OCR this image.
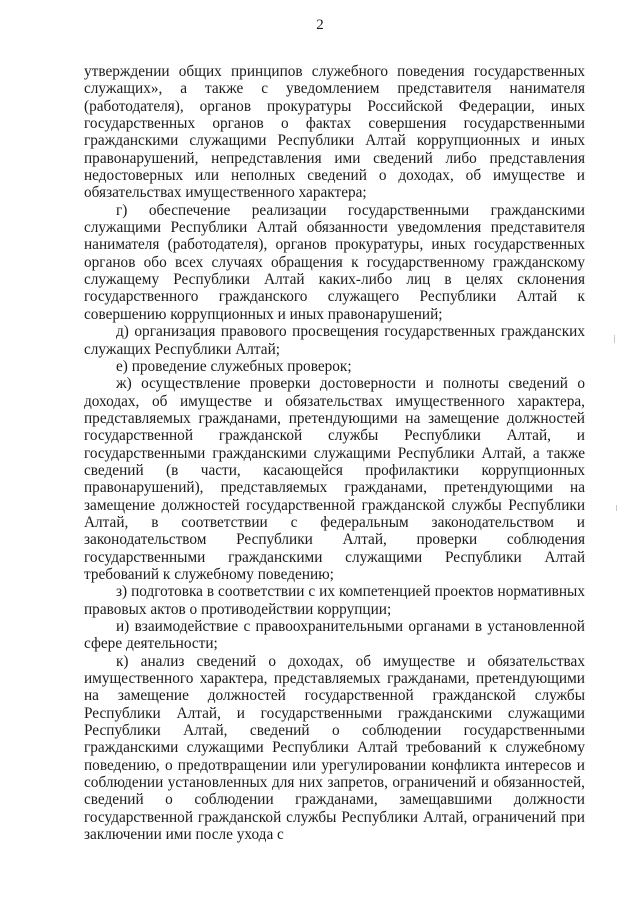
2

утверждении общих принципов служебного поведения государственных служащих», а также с уведомлением представителя нанимателя (работодателя), органов прокуратуры Российской Федерации, иных государственных органов о фактах совершения государственными гражданскими служащими Республики Алтай коррупционных и иных правонарушений, непредставления ими сведений либо представления недостоверных или неполных сведений о доходах, об имуществе и обязательствах имущественного характера;

г) обеспечение реализации государственными гражданскими служащими Республики Алтай обязанности уведомления представителя нанимателя (работодателя), органов прокуратуры, иных государственных органов обо всех случаях обращения к государственному гражданскому служащему Республики Алтай каких-либо лиц в целях склонения государственного гражданского служащего Республики Алтай к совершению коррупционных и иных правонарушений;

д) организация правового просвещения государственных гражданских служащих Республики Алтай;

е) проведение служебных проверок;

ж) осуществление проверки достоверности и полноты сведений о доходах, об имуществе и обязательствах имущественного характера, представляемых гражданами, претендующими на замещение должностей государственной гражданской службы Республики Алтай, и государственными гражданскими служащими Республики Алтай, а также сведений (в части, касающейся профилактики коррупционных правонарушений), представляемых гражданами, претендующими на замещение должностей государственной гражданской службы Республики Алтай, в соответствии с федеральным законодательством и законодательством Республики Алтай, проверки соблюдения государственными гражданскими служащими Республики Алтай требований к служебному поведению;

з) подготовка в соответствии с их компетенцией проектов нормативных правовых актов о противодействии коррупции;

и) взаимодействие с правоохранительными органами в установленной сфере деятельности;

к) анализ сведений о доходах, об имуществе и обязательствах имущественного характера, представляемых гражданами, претендующими на замещение должностей государственной гражданской службы Республики Алтай, и государственными гражданскими служащими Республики Алтай, сведений о соблюдении государственными гражданскими служащими Республики Алтай требований к служебному поведению, о предотвращении или урегулировании конфликта интересов и соблюдении установленных для них запретов, ограничений и обязанностей, сведений о соблюдении гражданами, замещавшими должности государственной гражданской службы Республики Алтай, ограничений при заключении ими после ухода с
